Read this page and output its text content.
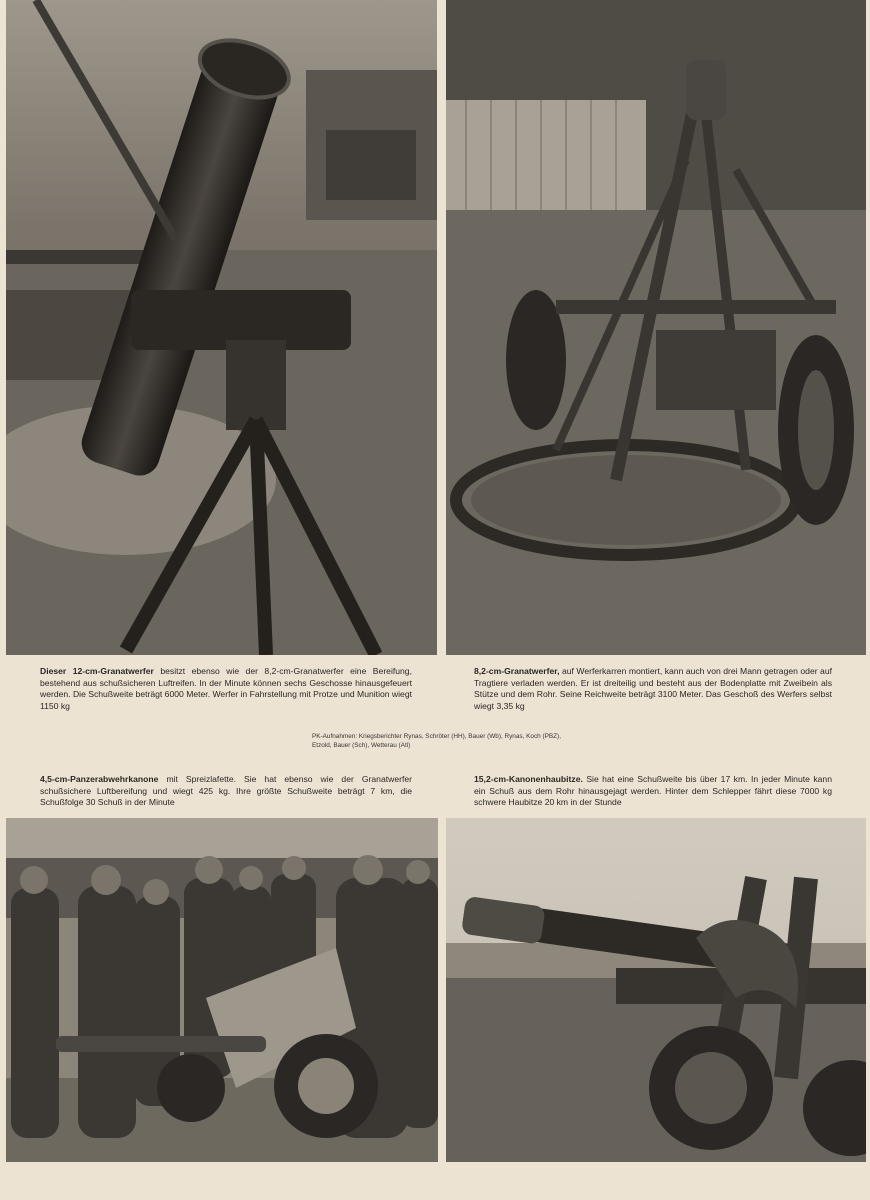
Dieser 12-cm-Granatwerfer besitzt ebenso wie der 8,2-cm-Granatwerfer eine Bereifung, bestehend aus schußsicheren Luftreifen. In der Minute können sechs Geschosse hinausgefeuert werden. Die Schußweite beträgt 6000 Meter. Werfer in Fahrstellung mit Protze und Munition wiegt 1150 kg
8,2-cm-Granatwerfer, auf Werferkarren montiert, kann auch von drei Mann getragen oder auf Tragtiere verladen werden. Er ist dreiteilig und besteht aus der Bodenplatte mit Zweibein als Stütze und dem Rohr. Seine Reichweite beträgt 3100 Meter. Das Geschoß des Werfers selbst wiegt 3,35 kg
PK-Aufnahmen: Kriegsberichter Rynas, Schröter (HH), Bauer (Wb), Rynas, Koch (PBZ), Etzold, Bauer (Sch), Wetterau (Atl)
4,5-cm-Panzerabwehrkanone mit Spreizlafette. Sie hat ebenso wie der Granatwerfer schußsichere Luftbereifung und wiegt 425 kg. Ihre größte Schußweite beträgt 7 km, die Schußfolge 30 Schuß in der Minute
15,2-cm-Kanonenhaubitze. Sie hat eine Schußweite bis über 17 km. In jeder Minute kann ein Schuß aus dem Rohr hinausgejagt werden. Hinter dem Schlepper fährt diese 7000 kg schwere Haubitze 20 km in der Stunde
